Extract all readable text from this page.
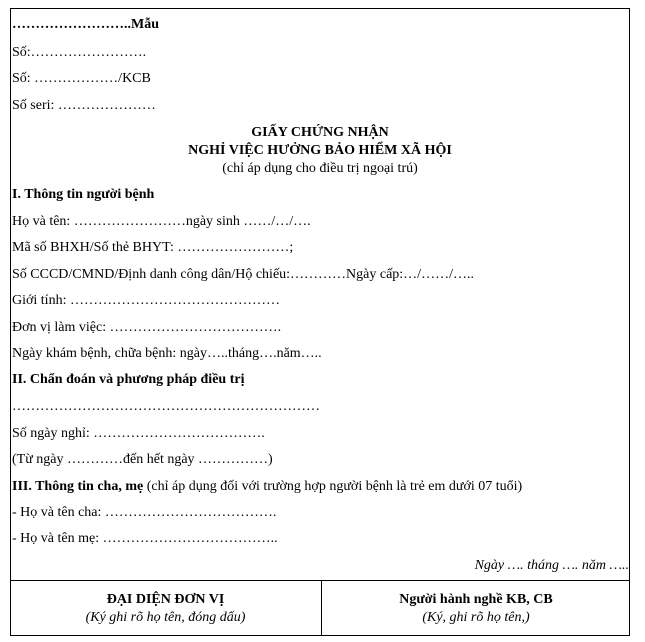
……………………..Mẫu
Số:…………………….
Số: ………………/KCB
Số seri: …………………
GIẤY CHỨNG NHẬN
NGHỈ VIỆC HƯỞNG BẢO HIỂM XÃ HỘI
(chỉ áp dụng cho điều trị ngoại trú)
I. Thông tin người bệnh
Họ và tên: ……………………ngày sinh ……/…/….
Mã số BHXH/Số thẻ BHYT: ……………………;
Số CCCD/CMND/Định danh công dân/Hộ chiếu:…………Ngày cấp:…/……/…..
Giới tính: ………………………………………
Đơn vị làm việc: ……………………………….
Ngày khám bệnh, chữa bệnh: ngày…..tháng….năm…..
II. Chẩn đoán và phương pháp điều trị
…………………………………………………………
Số ngày nghỉ: ……………………………….
(Từ ngày …………đến hết ngày ……………)
III. Thông tin cha, mẹ (chỉ áp dụng đối với trường hợp người bệnh là trẻ em dưới 07 tuổi)
- Họ và tên cha: ……………………………….
- Họ và tên mẹ: ………………………………..
Ngày …. tháng …. năm …..
ĐẠI DIỆN ĐƠN VỊ
(Ký ghi rõ họ tên, đóng dấu)
Người hành nghề KB, CB
(Ký, ghi rõ họ tên,)
